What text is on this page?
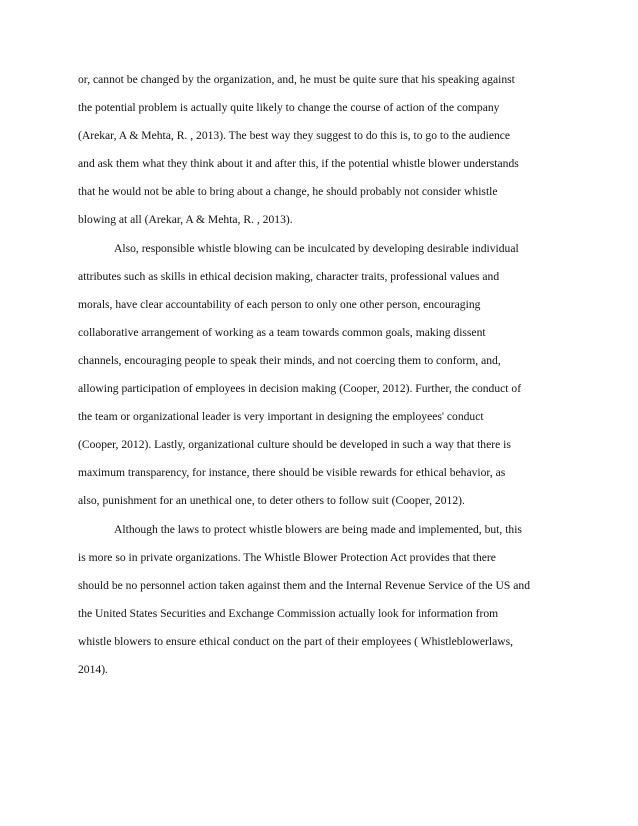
or, cannot be changed by the organization, and, he must be quite sure that his speaking against
the potential problem is actually quite likely to change the course of action of the company
(Arekar, A & Mehta, R. , 2013). The best way they suggest to do this is, to go to the audience
and ask them what they think about it and after this, if the potential whistle blower understands
that he would not be able to bring about a change, he should probably not consider whistle
blowing at all (Arekar, A & Mehta, R. , 2013).
Also, responsible whistle blowing can be inculcated by developing desirable individual
attributes such as skills in ethical decision making, character traits, professional values and
morals, have clear accountability of each person to only one other person, encouraging
collaborative arrangement of working as a team towards common goals, making dissent
channels, encouraging people to speak their minds, and not coercing them to conform, and,
allowing participation of employees in decision making (Cooper, 2012). Further, the conduct of
the team or organizational leader is very important in designing the employees' conduct
(Cooper, 2012). Lastly, organizational culture should be developed in such a way that there is
maximum transparency, for instance, there should be visible rewards for ethical behavior, as
also, punishment for an unethical one, to deter others to follow suit (Cooper, 2012).
Although the laws to protect whistle blowers are being made and implemented, but, this
is more so in private organizations. The Whistle Blower Protection Act provides that there
should be no personnel action taken against them and the Internal Revenue Service of the US and
the United States Securities and Exchange Commission actually look for information from
whistle blowers to ensure ethical conduct on the part of their employees ( Whistleblowerlaws,
2014).
